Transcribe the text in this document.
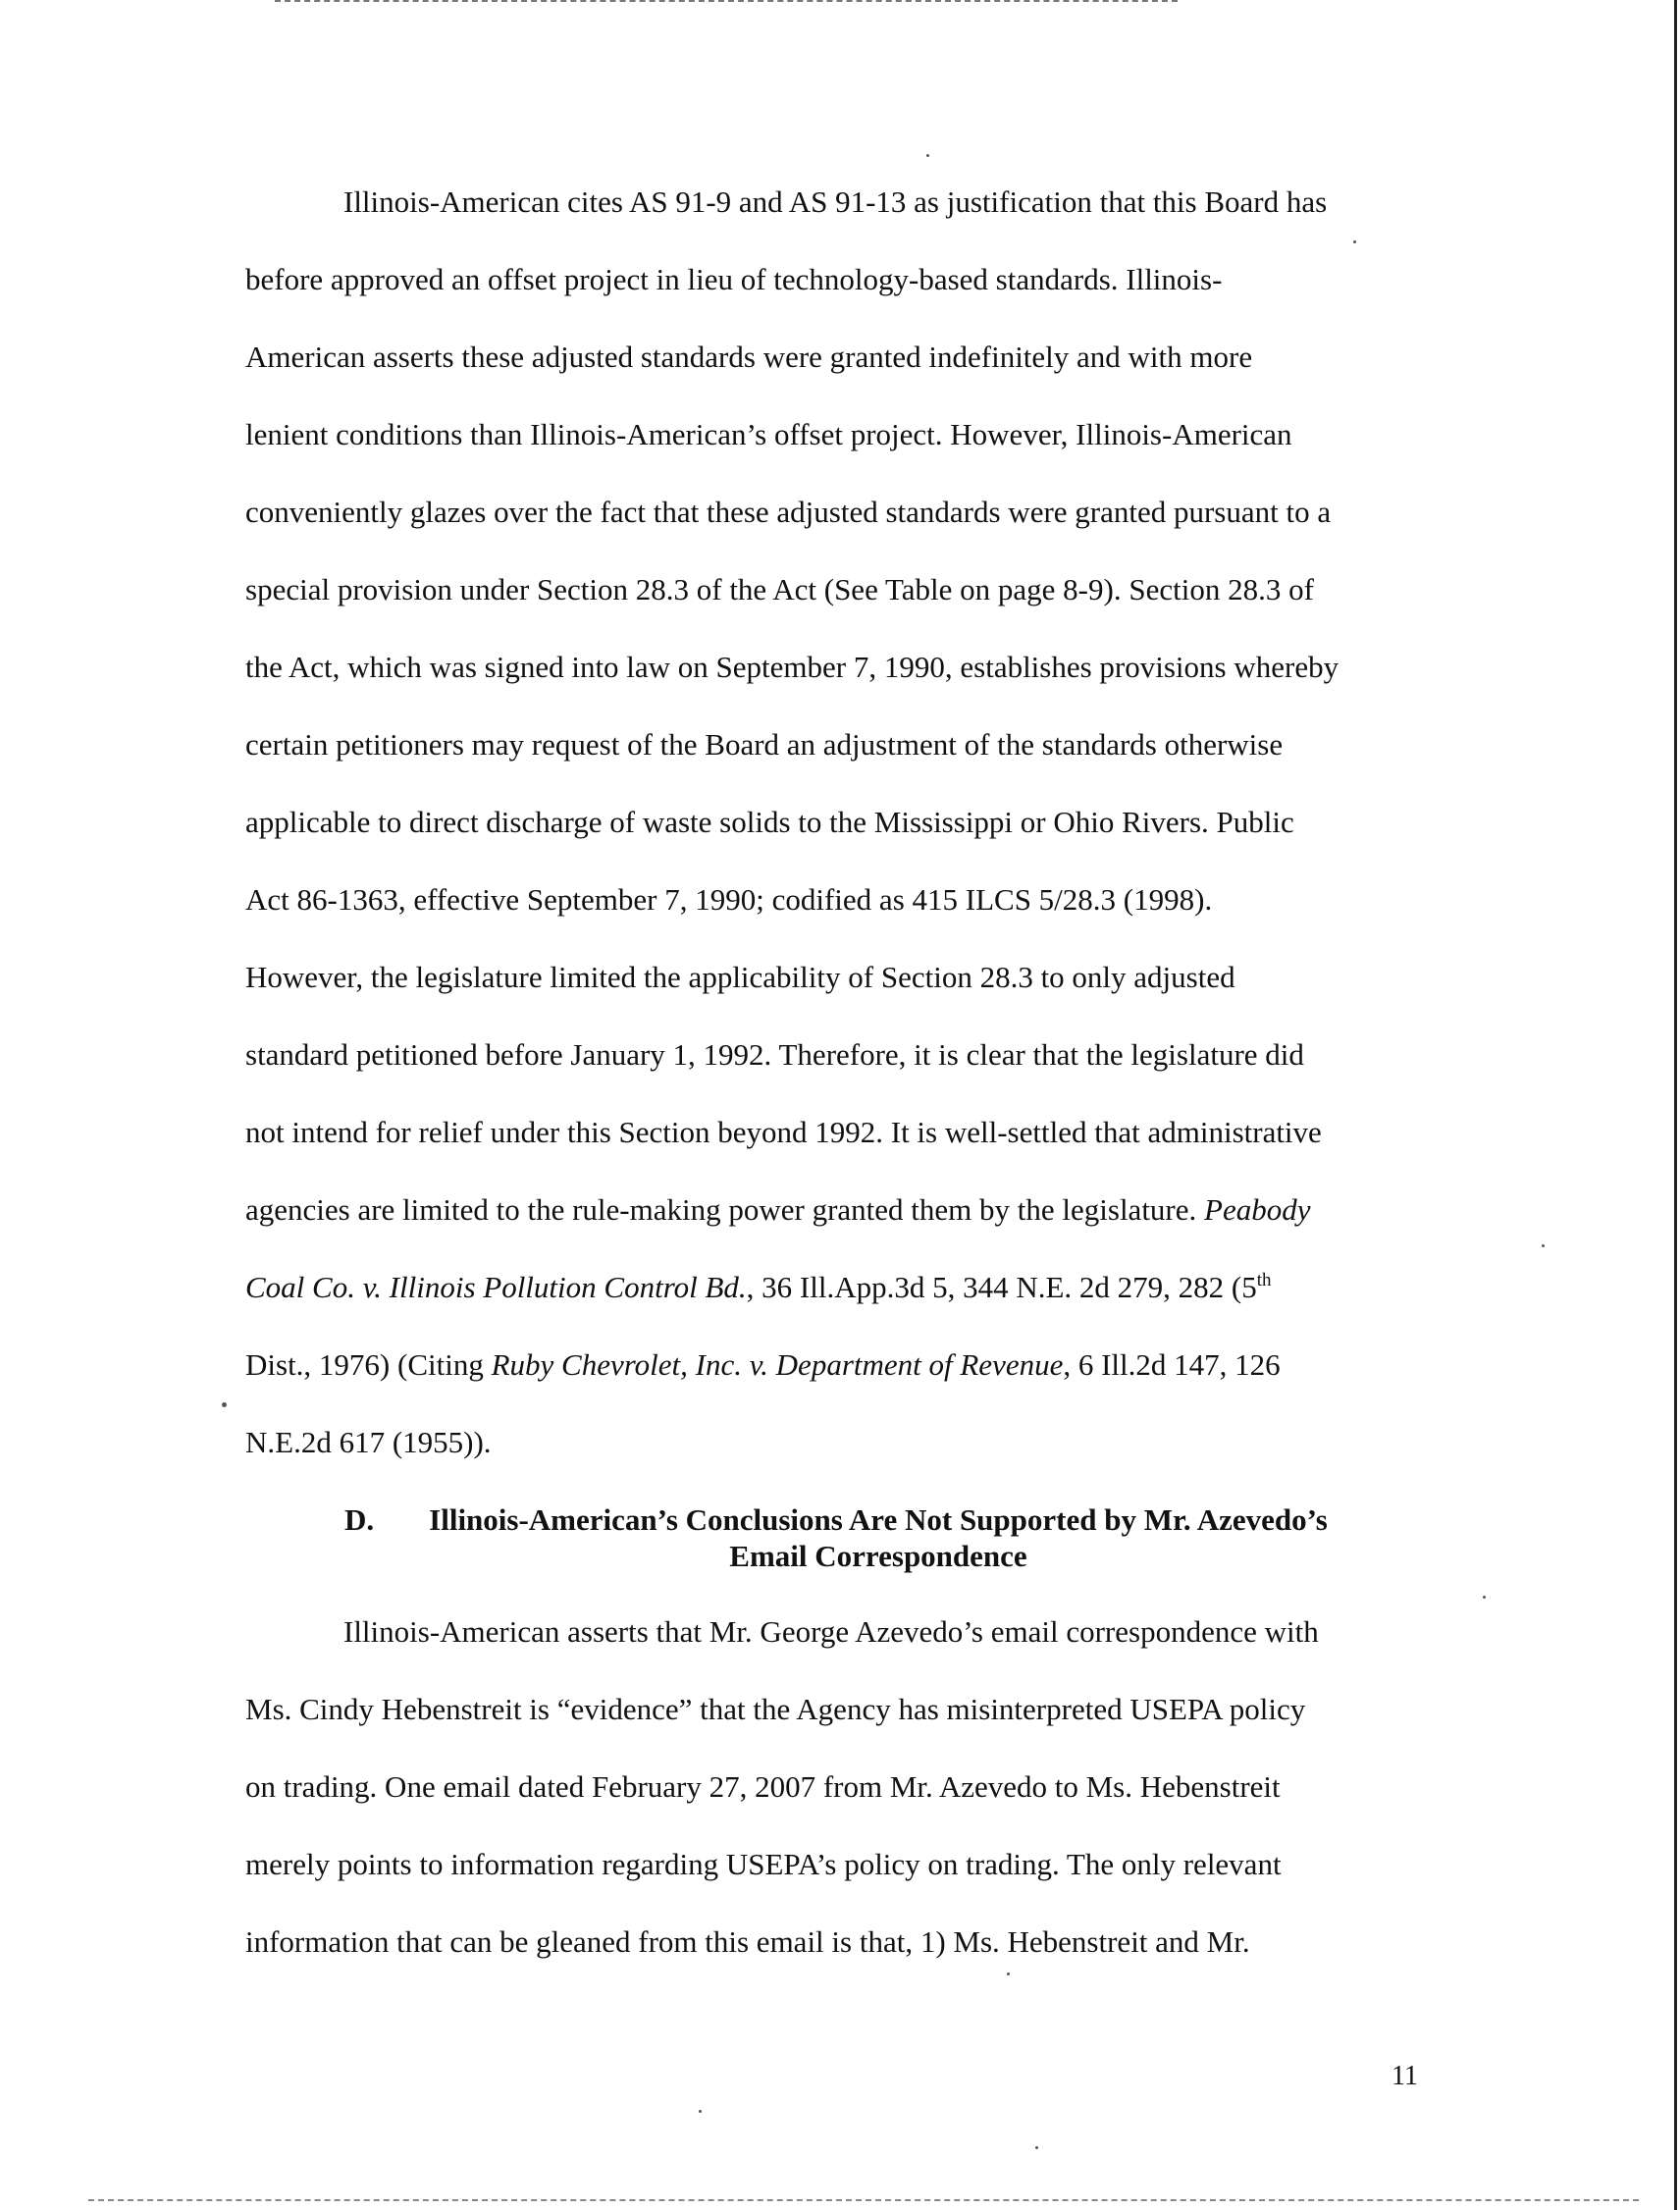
Illinois-American cites AS 91-9 and AS 91-13 as justification that this Board has

before approved an offset project in lieu of technology-based standards. Illinois-

American asserts these adjusted standards were granted indefinitely and with more

lenient conditions than Illinois-American’s offset project. However, Illinois-American

conveniently glazes over the fact that these adjusted standards were granted pursuant to a

special provision under Section 28.3 of the Act (See Table on page 8-9). Section 28.3 of

the Act, which was signed into law on September 7, 1990, establishes provisions whereby

certain petitioners may request of the Board an adjustment of the standards otherwise

applicable to direct discharge of waste solids to the Mississippi or Ohio Rivers. Public

Act 86-1363, effective September 7, 1990; codified as 415 ILCS 5/28.3 (1998).

However, the legislature limited the applicability of Section 28.3 to only adjusted

standard petitioned before January 1, 1992. Therefore, it is clear that the legislature did

not intend for relief under this Section beyond 1992. It is well-settled that administrative

agencies are limited to the rule-making power granted them by the legislature. Peabody

Coal Co. v. Illinois Pollution Control Bd., 36 Ill.App.3d 5, 344 N.E. 2d 279, 282 (5th

Dist., 1976) (Citing Ruby Chevrolet, Inc. v. Department of Revenue, 6 Ill.2d 147, 126

N.E.2d 617 (1955)).

D.	Illinois-American’s Conclusions Are Not Supported by Mr. Azevedo’s
Email Correspondence

Illinois-American asserts that Mr. George Azevedo’s email correspondence with

Ms. Cindy Hebenstreit is “evidence” that the Agency has misinterpreted USEPA policy

on trading. One email dated February 27, 2007 from Mr. Azevedo to Ms. Hebenstreit

merely points to information regarding USEPA’s policy on trading. The only relevant

information that can be gleaned from this email is that, 1) Ms. Hebenstreit and Mr.

11
